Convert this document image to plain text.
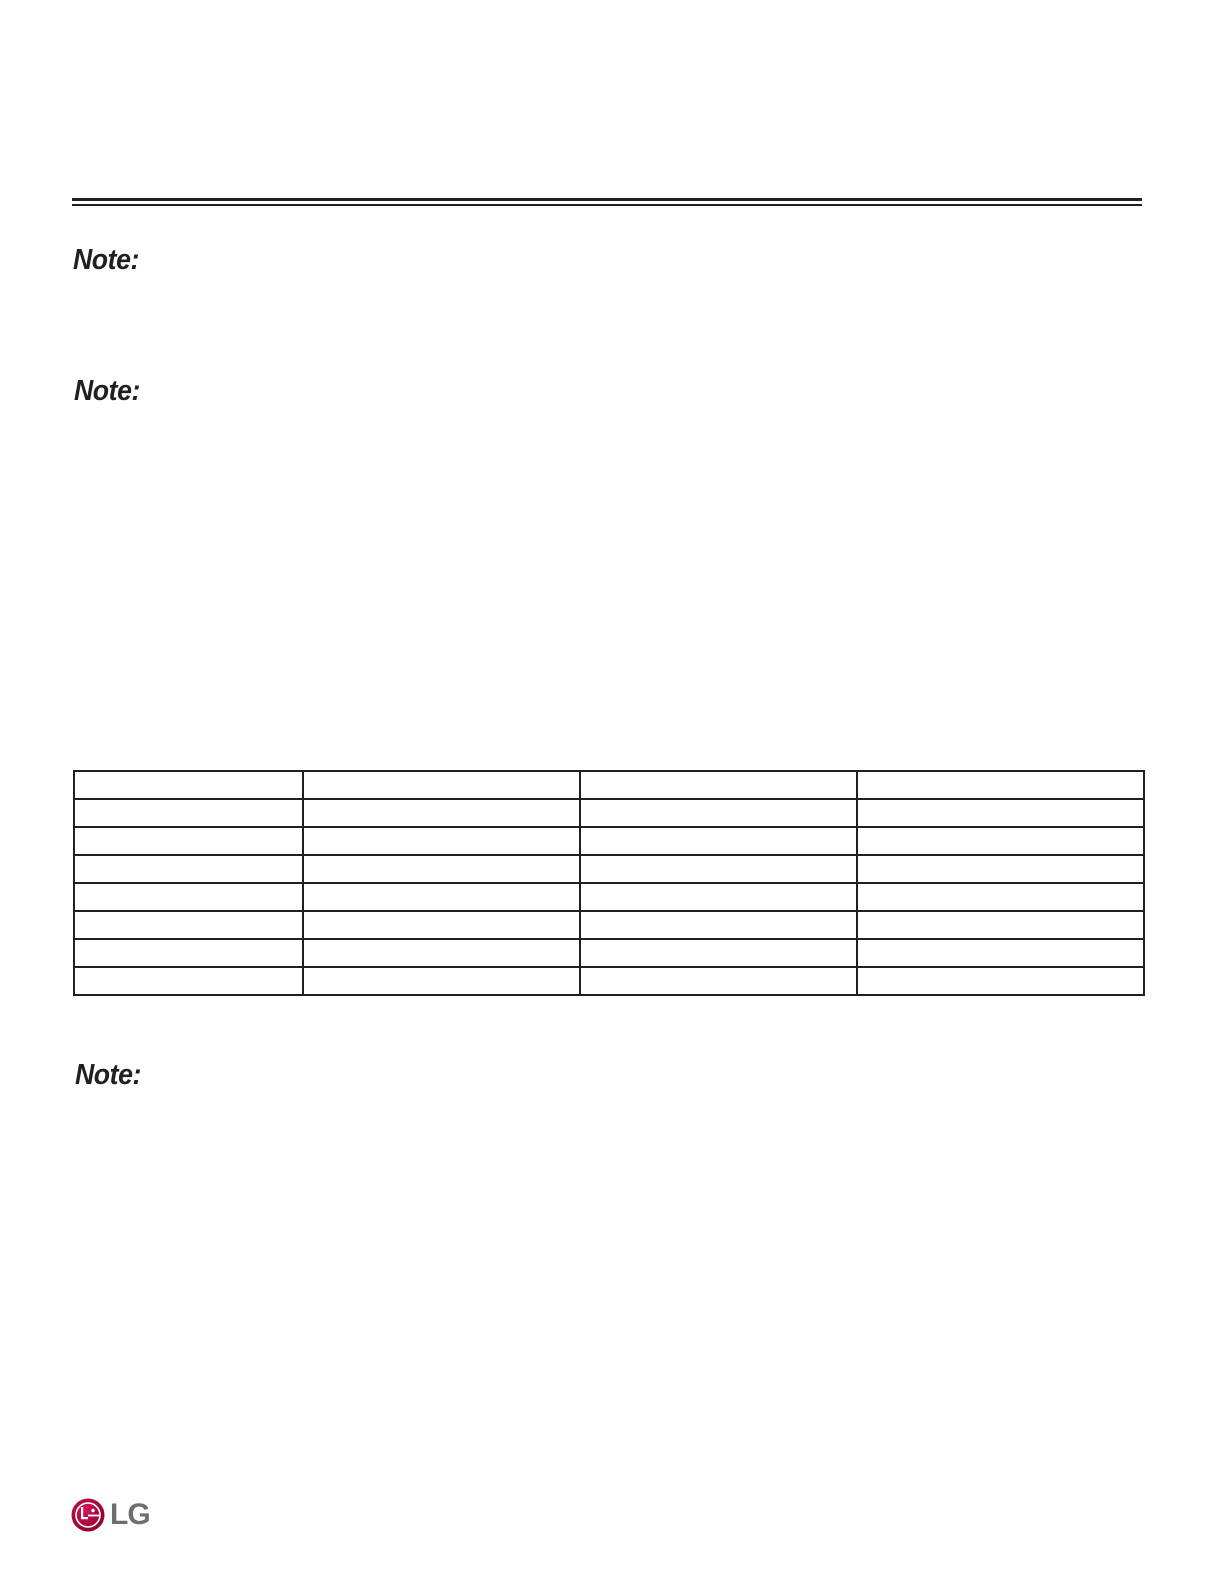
Note:
Note:

Note:
LG
